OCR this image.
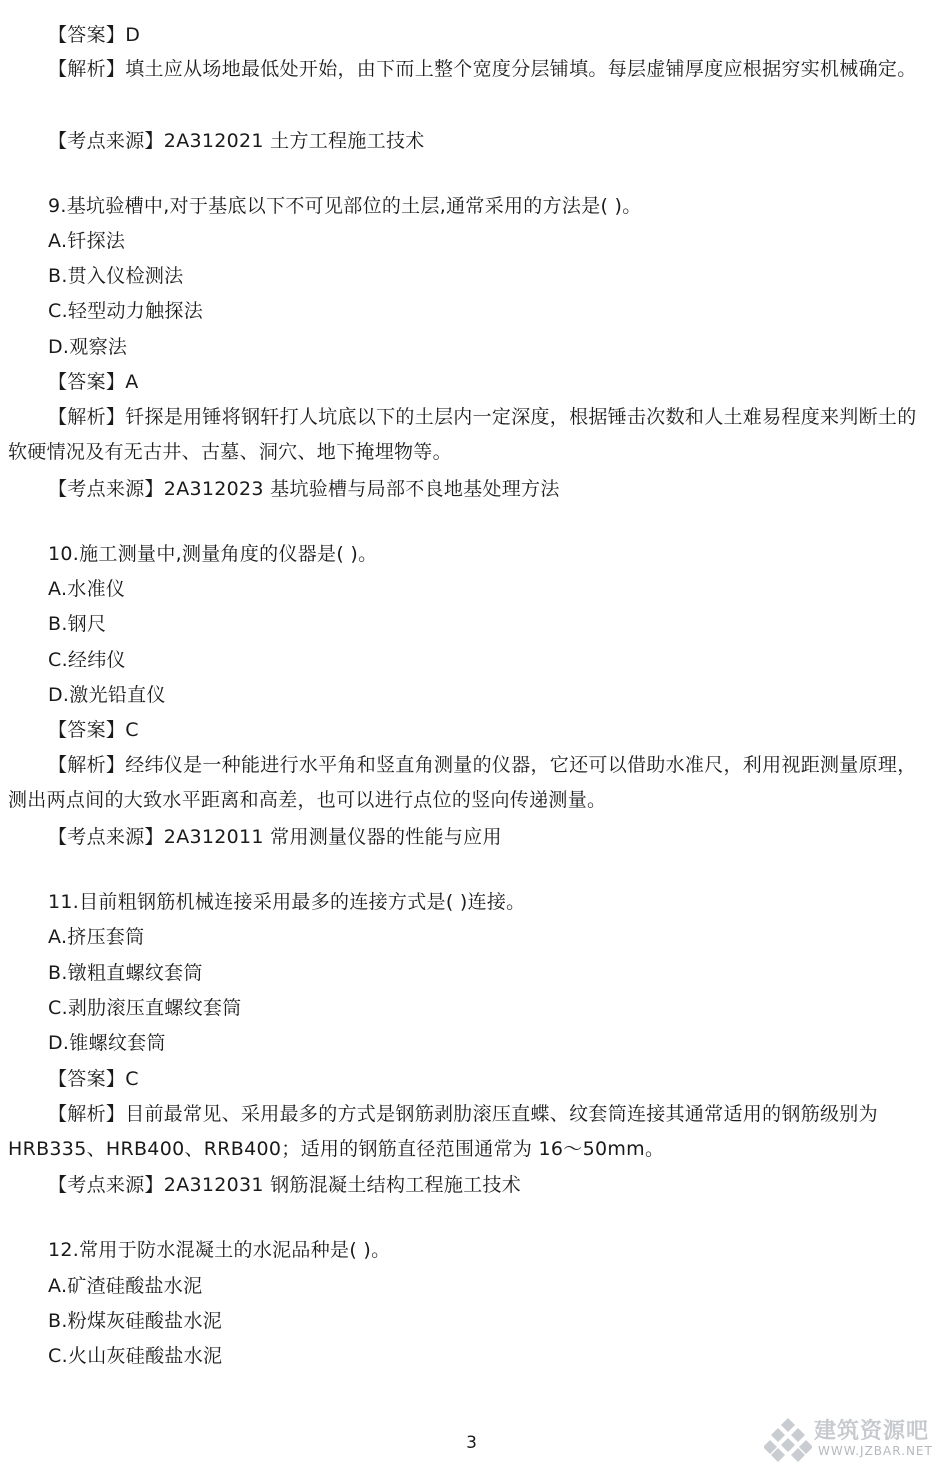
【答案】D
【解析】填土应从场地最低处开始，由下而上整个宽度分层铺填。每层虚铺厚度应根据穷实机械确定。
【考点来源】2A312021 土方工程施工技术
9.基坑验槽中,对于基底以下不可见部位的土层,通常采用的方法是( )。
A.钎探法
B.贯入仪检测法
C.轻型动力触探法
D.观察法
【答案】A
【解析】钎探是用锤将钢轩打人坑底以下的土层内一定深度，根据锤击次数和人土难易程度来判断土的软硬情况及有无古井、古墓、洞穴、地下掩埋物等。
【考点来源】2A312023 基坑验槽与局部不良地基处理方法
10.施工测量中,测量角度的仪器是( )。
A.水准仪
B.钢尺
C.经纬仪
D.激光铅直仪
【答案】C
【解析】经纬仪是一种能进行水平角和竖直角测量的仪器，它还可以借助水准尺，利用视距测量原理，测出两点间的大致水平距离和高差，也可以进行点位的竖向传递测量。
【考点来源】2A312011 常用测量仪器的性能与应用
11.目前粗钢筋机械连接采用最多的连接方式是( )连接。
A.挤压套筒
B.镦粗直螺纹套筒
C.剥肋滚压直螺纹套筒
D.锥螺纹套筒
【答案】C
【解析】目前最常见、采用最多的方式是钢筋剥肋滚压直蝶、纹套筒连接其通常适用的钢筋级别为 HRB335、HRB400、RRB400；适用的钢筋直径范围通常为 16～50mm。
【考点来源】2A312031 钢筋混凝土结构工程施工技术
12.常用于防水混凝土的水泥品种是( )。
A.矿渣硅酸盐水泥
B.粉煤灰硅酸盐水泥
C.火山灰硅酸盐水泥
3	建筑资源吧
WWW.JZBAR.NET
